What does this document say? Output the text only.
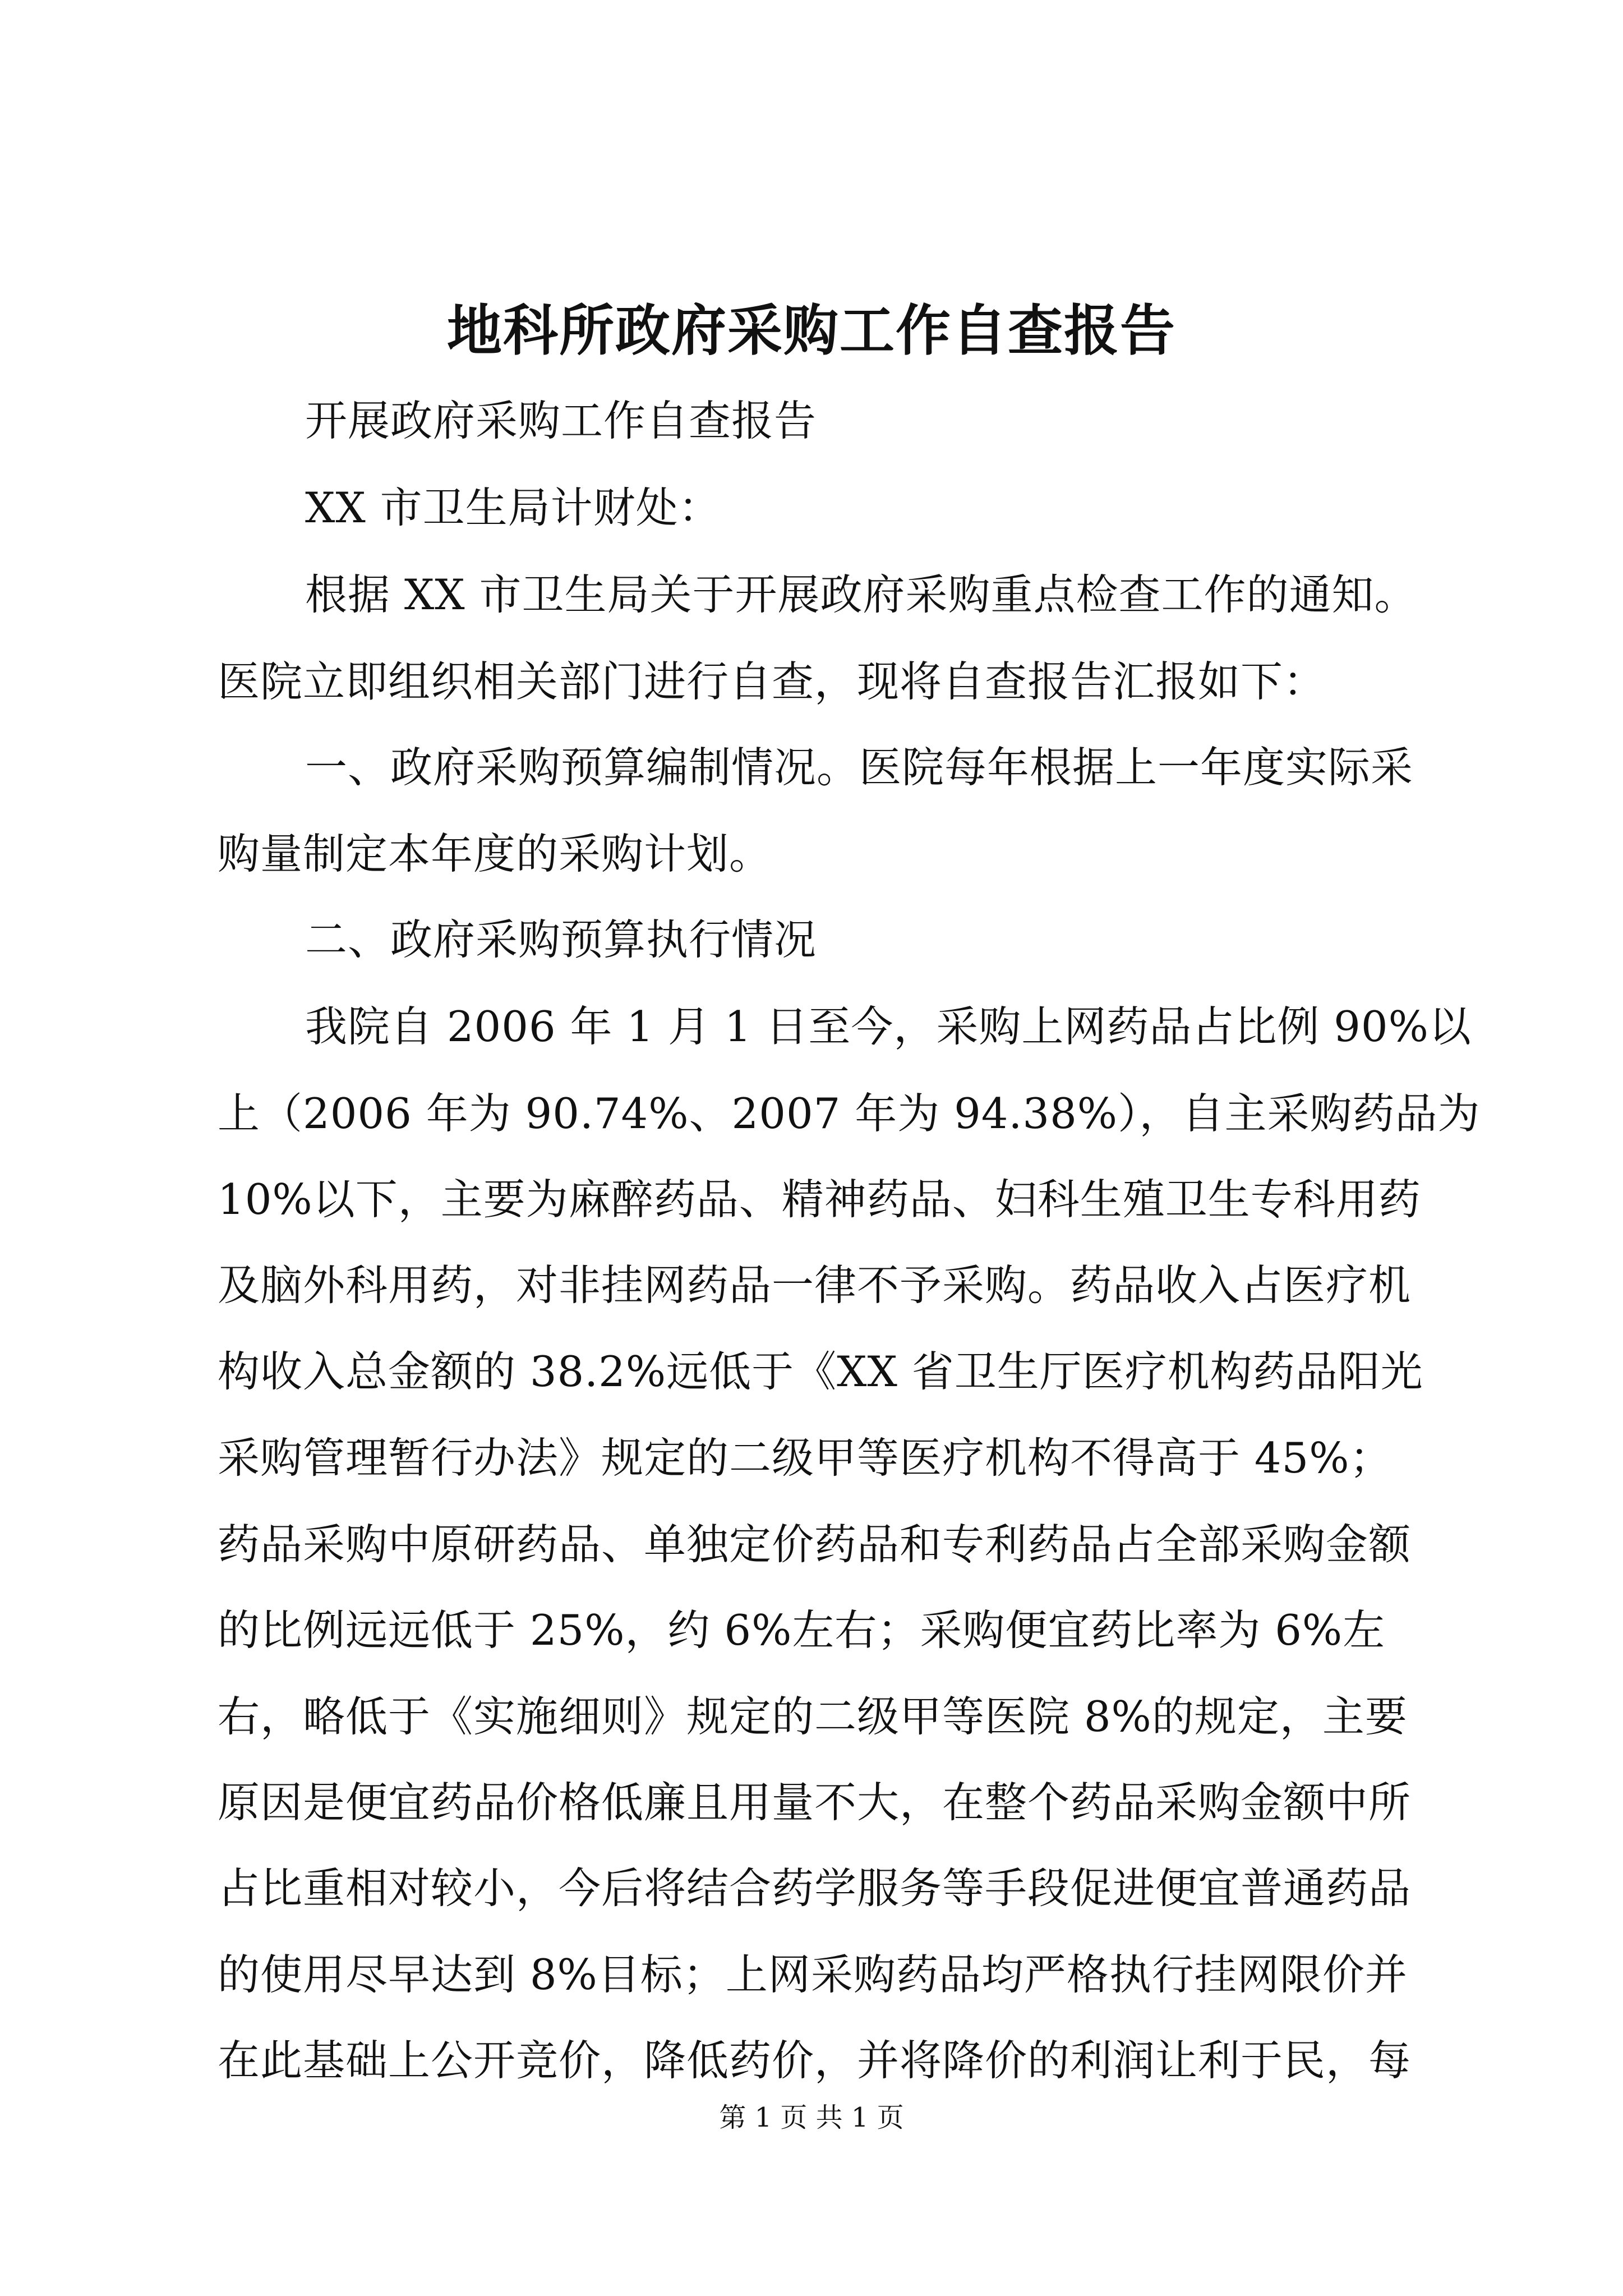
地科所政府采购工作自查报告
开展政府采购工作自查报告
XX 市卫生局计财处：
根据 XX 市卫生局关于开展政府采购重点检查工作的通知。
医院立即组织相关部门进行自查，现将自查报告汇报如下：
一、政府采购预算编制情况。医院每年根据上一年度实际采
购量制定本年度的采购计划。
二、政府采购预算执行情况
我院自 2006 年 1 月 1 日至今，采购上网药品占比例 90%以
上（2006 年为 90.74%、2007 年为 94.38%），自主采购药品为
10%以下，主要为麻醉药品、精神药品、妇科生殖卫生专科用药
及脑外科用药，对非挂网药品一律不予采购。药品收入占医疗机
构收入总金额的 38.2%远低于《XX 省卫生厅医疗机构药品阳光
采购管理暂行办法》规定的二级甲等医疗机构不得高于 45%；
药品采购中原研药品、单独定价药品和专利药品占全部采购金额
的比例远远低于 25%，约 6%左右；采购便宜药比率为 6%左
右，略低于《实施细则》规定的二级甲等医院 8%的规定，主要
原因是便宜药品价格低廉且用量不大，在整个药品采购金额中所
占比重相对较小，今后将结合药学服务等手段促进便宜普通药品
的使用尽早达到 8%目标；上网采购药品均严格执行挂网限价并
在此基础上公开竞价，降低药价，并将降价的利润让利于民，每
第 1 页 共 1 页
